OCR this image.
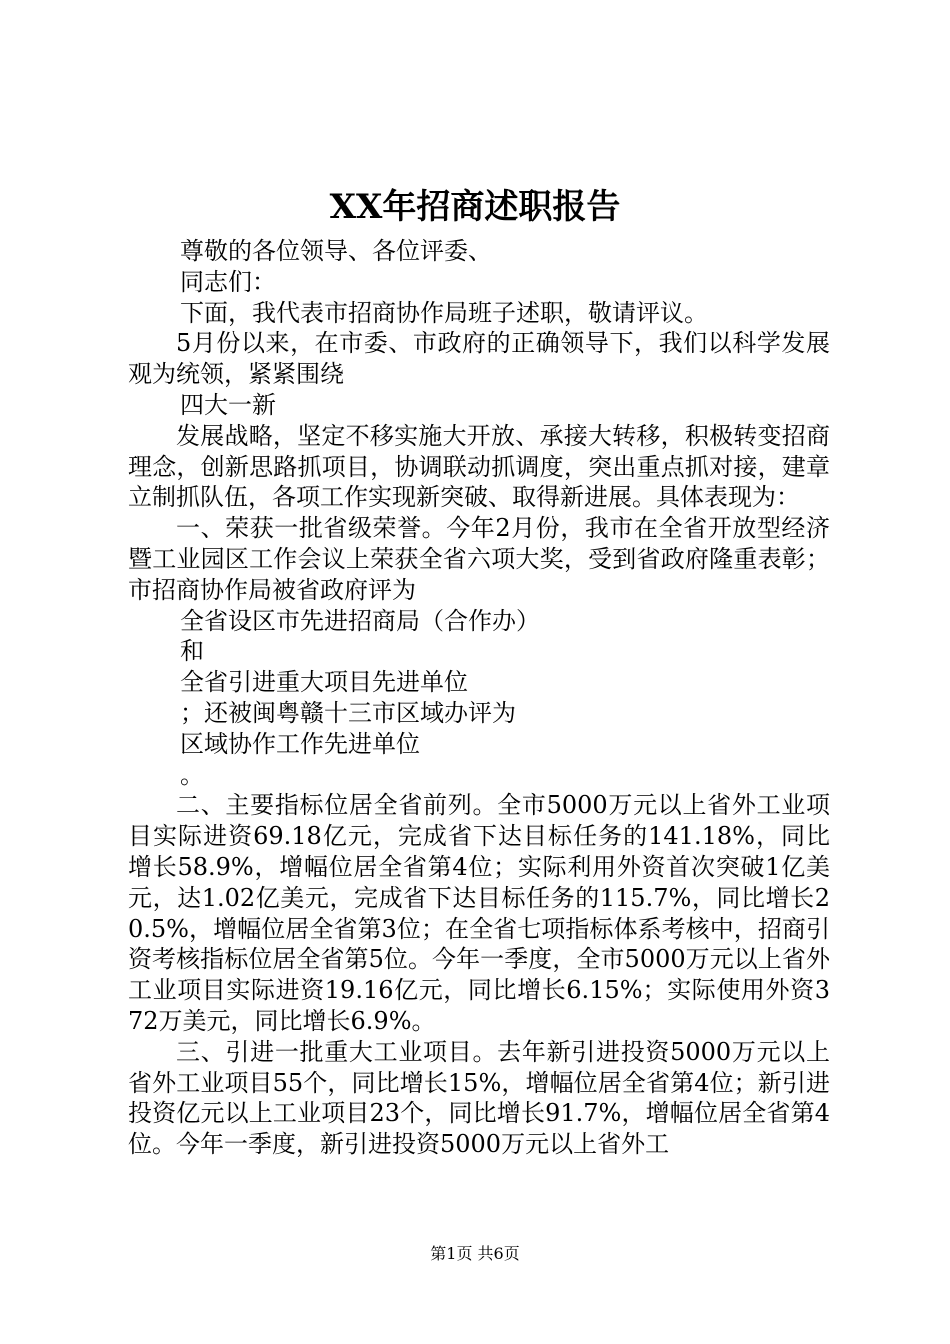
XX年招商述职报告

尊敬的各位领导、各位评委、

同志们：

下面，我代表市招商协作局班子述职，敬请评议。

5月份以来，在市委、市政府的正确领导下，我们以科学发展观为统领，紧紧围绕

四大一新

发展战略，坚定不移实施大开放、承接大转移，积极转变招商理念，创新思路抓项目，协调联动抓调度，突出重点抓对接，建章立制抓队伍，各项工作实现新突破、取得新进展。具体表现为：

一、荣获一批省级荣誉。今年2月份，我市在全省开放型经济暨工业园区工作会议上荣获全省六项大奖，受到省政府隆重表彰；市招商协作局被省政府评为

全省设区市先进招商局（合作办）

和

全省引进重大项目先进单位

；还被闽粤赣十三市区域办评为

区域协作工作先进单位

。

二、主要指标位居全省前列。全市5000万元以上省外工业项目实际进资69.18亿元，完成省下达目标任务的141.18%，同比增长58.9%，增幅位居全省第4位；实际利用外资首次突破1亿美元，达1.02亿美元，完成省下达目标任务的115.7%，同比增长20.5%，增幅位居全省第3位；在全省七项指标体系考核中，招商引资考核指标位居全省第5位。今年一季度，全市5000万元以上省外工业项目实际进资19.16亿元，同比增长6.15%；实际使用外资372万美元，同比增长6.9%。

三、引进一批重大工业项目。去年新引进投资5000万元以上省外工业项目55个，同比增长15%，增幅位居全省第4位；新引进投资亿元以上工业项目23个，同比增长91.7%，增幅位居全省第4位。今年一季度，新引进投资5000万元以上省外工

第1页 共6页
